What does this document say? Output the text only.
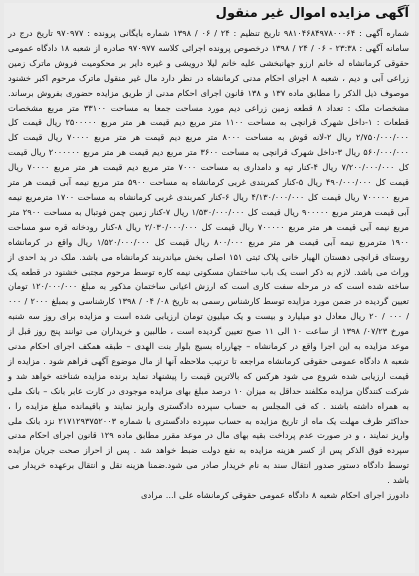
آگهی مزایده اموال غیر منقول

شماره آگهی : ۹۸۱۰۴۶۸۴۹۷۸۰۰۰۶۴ تاریخ تنظیم : ۲۴ / ۰۶ / ۱۳۹۸ شماره بایگانی پرونده : ۹۷۰۹۷۷ تاریخ درج در سامانه آگهی : ۲۳:۳۸ - ۰۶ / ۲۴ / ۱۳۹۸ درخصوص پرونده اجرائی کلاسه ۹۷۰۹۷۷ صادره از شعبه ۱۸ دادگاه عمومی حقوقی کرمانشاه له خانم ارزو جهانبخشی علیه خانم لیلا درویشی و غیره دایر بر محکومیت فروش ماترک زمین زراعی آبی و دیم ، شعبه ۸ اجرای احکام مدنی کرمانشاه در نظر دارد مال غیر منقول ماترک مرحوم اکبر خشنود موصوف ذیل الذکر را مطابق ماده ۱۳۷ و ۱۳۸ قانون اجرای احکام مدنی از طریق مزایده حضوری بفروش برساند. مشخصات ملک : تعداد ۸ قطعه زمین زراعی دیم مورد مساحت جمعا به مساحت ۳۳۱۰۰ متر مربع مشخصات قطعات : ۱-داخل شهرک قرانچی به مساحت ۱۱۰۰ متر مربع دیم قیمت هر متر مربع ۲۵۰۰۰۰۰ ریال قیمت کل ۲/۷۵۰/۰۰۰/۰۰۰ ریال ۲-لانه قوش به مساحت ۸۰۰۰ متر مربع دیم قیمت هر متر مربع ۷۰۰۰۰ ریال قیمت کل ۵۶۰/۰۰۰/۰۰۰ ریال ۳-داخل شهرک قرانچی به مساحت ۳۶۰۰ متر مربع دیم قیمت هر متر مربع ۲۰۰۰۰۰۰ ریال قیمت کل ۷/۲۰۰/۰۰۰/۰۰۰ ریال ۴-کنار تپه و دامداری به مساحت ۷۰۰۰ متر مربع دیم قیمت هر متر مربع ۷۰۰۰۰ ریال قیمت کل ۴۹۰/۰۰۰/۰۰۰ ریال ۵-کنار کمربندی غربی کرمانشاه به مساحت ۵۹۰۰ متر مربع نیمه آبی قیمت هر متر مربع ۷۰۰۰۰۰ ریال قیمت کل ۴/۱۳۰/۰۰۰/۰۰۰ ریال ۶-کنار کمربندی غربی کرمانشاه به مساحت ۱۷۰۰ مترمربع نیمه آبی قیمت هرمتر مربع ۹۰۰۰۰۰ ریال قیمت کل ۱/۵۳۰/۰۰۰/۰۰۰ ریال ۷-کنار زمین چمن فوتبال به مساحت ۲۹۰۰ متر مربع نیمه آبی قیمت هر متر مربع ۷۰۰۰۰۰ ریال قیمت کل ۲/۰۳۰/۰۰۰/۰۰۰ ریال ۸-کنار رودخانه قره سو مساحت ۱۹۰۰ مترمربع نیمه آبی قیمت هر متر مربع ۸۰۰/۰۰۰ ریال قیمت کل ۱/۵۲۰/۰۰۰/۰۰۰ ریال واقع در کرمانشاه روستای قرانچی دهستان الهیار خانی پلاک ثبتی ۱۵۱ اصلی بخش میاندربند کرمانشاه می باشد. ملک در ید احدی از وراث می باشد. لازم به ذکر است یک باب ساختمان مسکونی نیمه کاره توسط مرحوم مجتبی خشنود در قطعه یک ساخته شده است که در مرحله سفت کاری است که ارزش اعیانی ساختمان مذکور به مبلغ ۱۲۰/۰۰۰/۰۰۰ تومان تعیین گردیده در ضمن مورد مزایده توسط کارشناس رسمی به تاریخ ۰۸/ ۰۴ / ۱۳۹۸ کارشناسی و بمبلغ ۲۰۰۰ / ۰۰۰ / ۰۰۰ / ۲۰ ریال معادل دو میلیارد و بیست و یک میلیون تومان ارزیابی شده است و مزایده برای روز سه شنبه مورخ ۰۷/۲۳/ ۱۳۹۸ از ساعت ۱۰ الی ۱۱ صبح تعیین گردیده است ، طالبین و خریداران می توانند پنج روز قبل از موعد مزایده به این اجرا واقع در کرمانشاه – چهارراه بسیج بلوار بنت الهدی – طبقه همکف اجرای احکام مدنی شعبه ۸ دادگاه عمومی حقوقی کرمانشاه مراجعه تا ترتیب ملاحظه آنها از مال موضوع آگهی فراهم شود . مزایده از قیمت ارزیابی شده شروع می شود هرکس که بالاترین قیمت را پیشنهاد نماید برنده مزایده شناخته خواهد شد و شرکت کنندگان مزایده مکلفند حداقل به میزان ۱۰ درصد مبلغ بهای مزایده موجودی در کارت عابر بانک – بانک ملی به همراه داشته باشند . که فی المجلس به حساب سپرده دادگستری واریز نمایند و باقیمانده مبلغ مزایده را ، حداکثر ظرف مهلت یک ماه از تاریخ مزایده به حساب سپرده دادگستری با شماره ۲۱۷۱۲۹۳۷۵۲۰۰۳ نزد بانک ملی واریز نمایند ، و در صورت عدم پرداخت بقیه بهای مال در موعد مقرر مطابق ماده ۱۲۹ قانون اجرای احکام مدنی سپرده فوق الذکر پس از کسر هزینه مزایده به نفع دولت ضبط خواهد شد . پس از احراز صحت جریان مزایده توسط دادگاه دستور صدور انتقال سند به نام خریدار صادر می شود.ضمنا هزینه نقل و انتقال برعهده خریدار می باشد .

دادورز اجرای احکام شعبه ۸ دادگاه عمومی حقوقی کرمانشاه علی ا... مرادی
